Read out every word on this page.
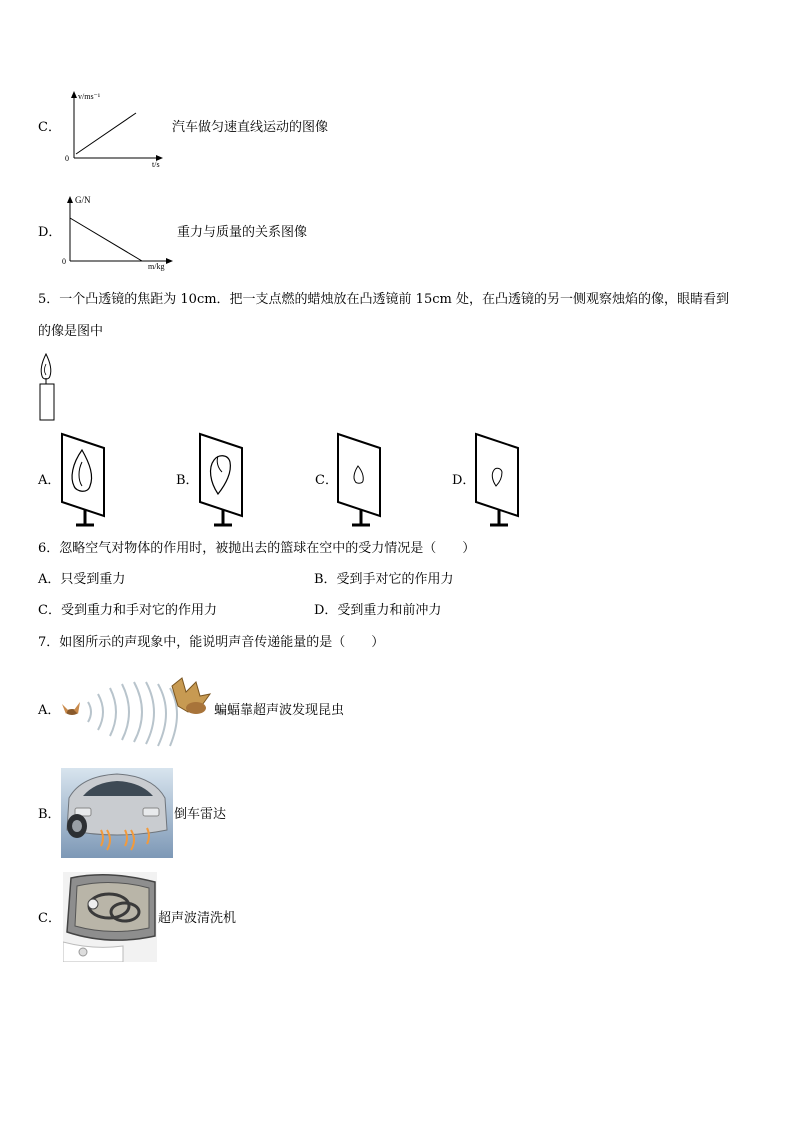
C．
v/ms⁻¹
t/s
0
汽车做匀速直线运动的图像
D．
G/N
m/kg
0
重力与质量的关系图像
5．一个凸透镜的焦距为 10cm．把一支点燃的蜡烛放在凸透镜前 15cm 处，在凸透镜的另一侧观察烛焰的像，眼睛看到
的像是图中
A．	B．	C．	D．
6．忽略空气对物体的作用时，被抛出去的篮球在空中的受力情况是（　　）
A．只受到重力	B．受到手对它的作用力
C．受到重力和手对它的作用力	D．受到重力和前冲力
7．如图所示的声现象中，能说明声音传递能量的是（　　）
A．	蝙蝠靠超声波发现昆虫
B．	倒车雷达
C．	超声波清洗机
